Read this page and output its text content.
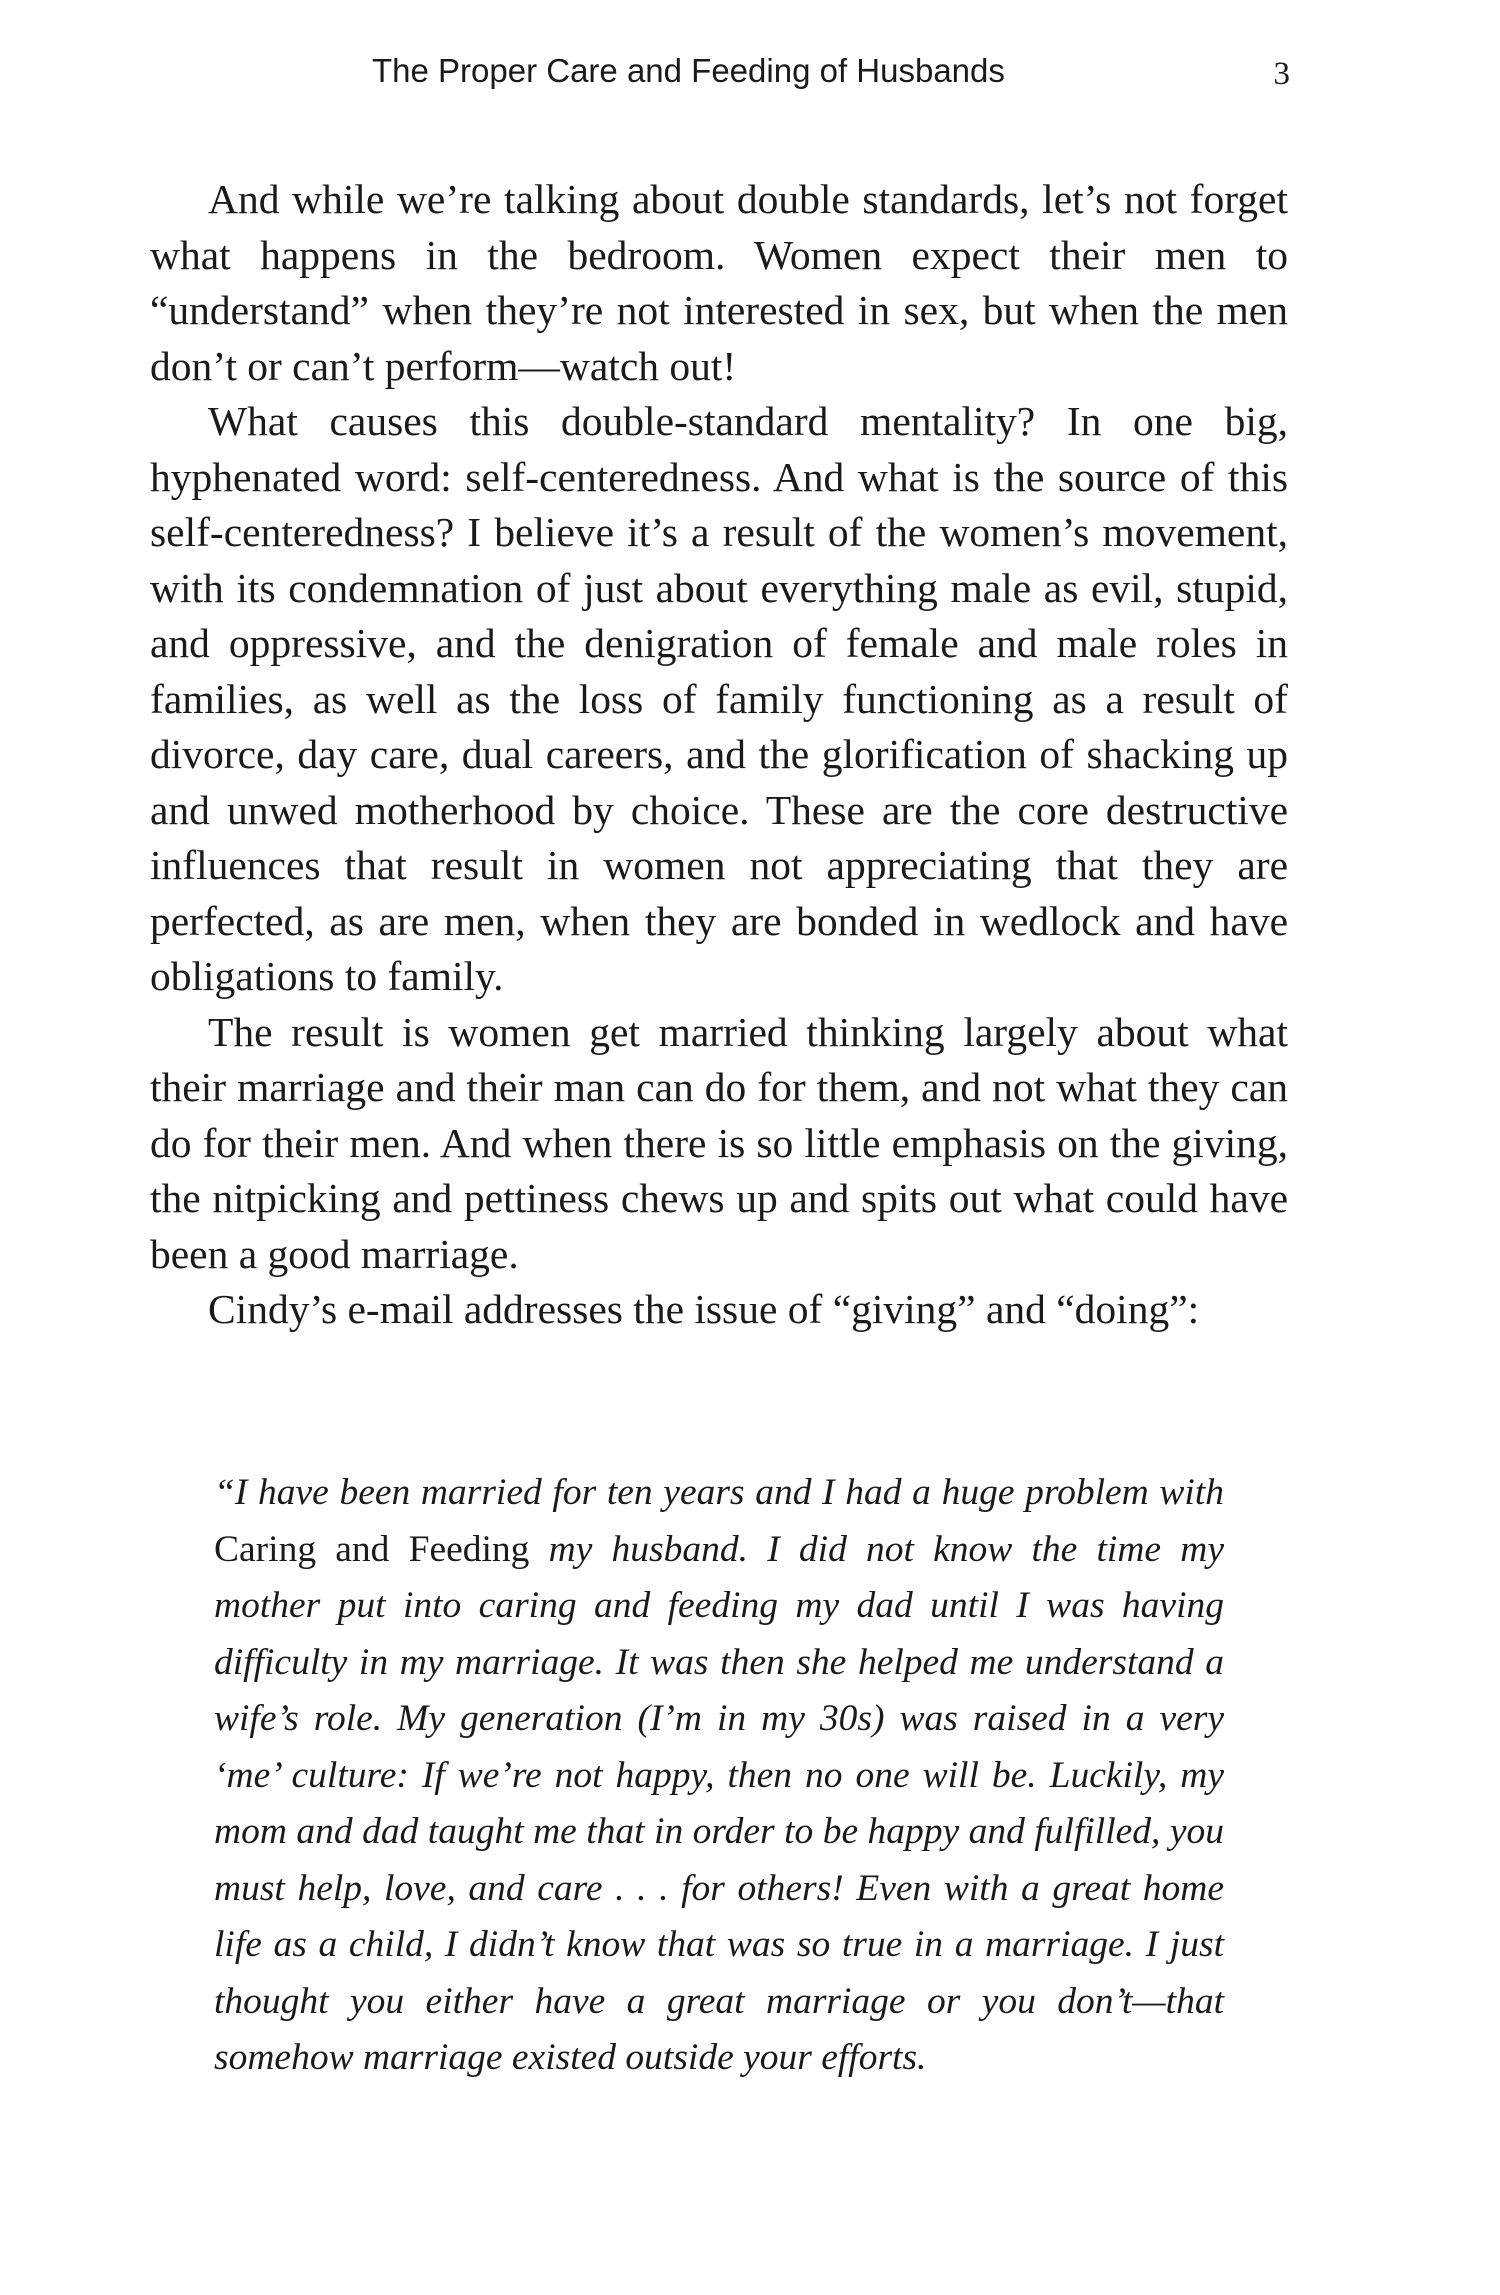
The Proper Care and Feeding of Husbands	3

And while we’re talking about double standards, let’s not forget what happens in the bedroom. Women expect their men to “understand” when they’re not interested in sex, but when the men don’t or can’t perform—watch out!

What causes this double-standard mentality? In one big, hyphenated word: self-centeredness. And what is the source of this self-centeredness? I believe it’s a result of the women’s movement, with its condemnation of just about everything male as evil, stupid, and oppressive, and the denigration of female and male roles in families, as well as the loss of family functioning as a result of divorce, day care, dual careers, and the glorification of shacking up and unwed motherhood by choice. These are the core destructive influences that result in women not appreciating that they are perfected, as are men, when they are bonded in wedlock and have obligations to family.

The result is women get married thinking largely about what their marriage and their man can do for them, and not what they can do for their men. And when there is so little emphasis on the giving, the nitpicking and pettiness chews up and spits out what could have been a good marriage.

Cindy’s e-mail addresses the issue of “giving” and “doing”:

“I have been married for ten years and I had a huge problem with Caring and Feeding my husband. I did not know the time my mother put into caring and feeding my dad until I was having difficulty in my marriage. It was then she helped me understand a wife’s role. My generation (I’m in my 30s) was raised in a very ‘me’ culture: If we’re not happy, then no one will be. Luckily, my mom and dad taught me that in order to be happy and fulfilled, you must help, love, and care . . . for others! Even with a great home life as a child, I didn’t know that was so true in a marriage. I just thought you either have a great marriage or you don’t—that somehow marriage existed outside your efforts.
